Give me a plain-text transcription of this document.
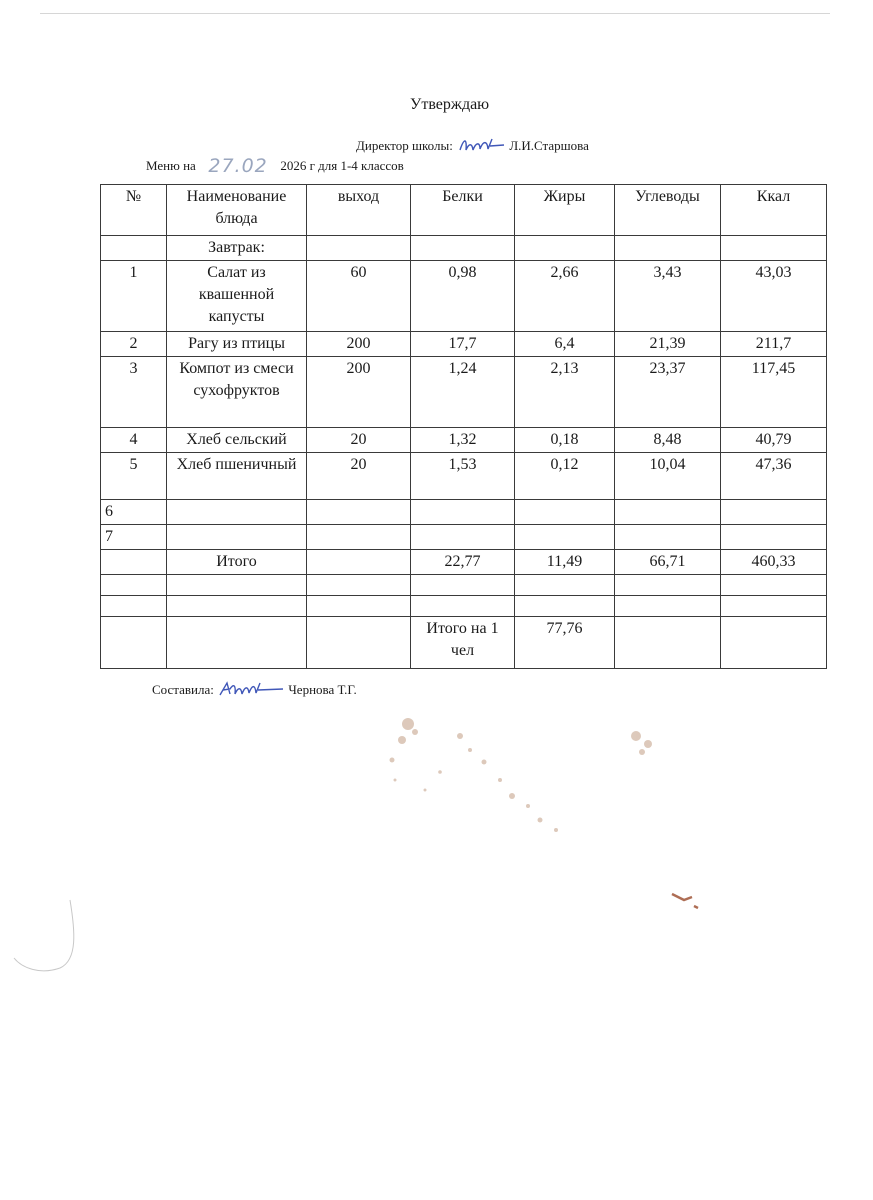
Утверждаю
Директор школы:	Л.И.Старшова
Меню на 27.02 2026 г для 1-4 классов
№	Наименование блюда	выход	Белки	Жиры	Углеводы	Ккал
	Завтрак:					
1	Салат из квашенной капусты	60	0,98	2,66	3,43	43,03
2	Рагу из птицы	200	17,7	6,4	21,39	211,7
3	Компот из смеси сухофруктов	200	1,24	2,13	23,37	117,45
4	Хлеб сельский	20	1,32	0,18	8,48	40,79
5	Хлеб пшеничный	20	1,53	0,12	10,04	47,36
6						
7						
	Итого		22,77	11,49	66,71	460,33

			Итого на 1 чел	77,76		
Составила:	Чернова Т.Г.
